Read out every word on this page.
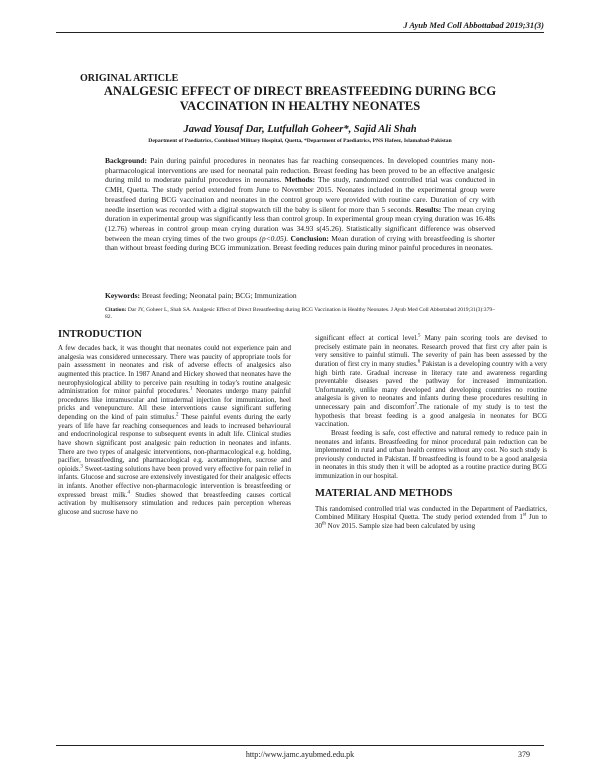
J Ayub Med Coll Abbottabad 2019;31(3)
ORIGINAL ARTICLE
ANALGESIC EFFECT OF DIRECT BREASTFEEDING DURING BCG VACCINATION IN HEALTHY NEONATES
Jawad Yousaf Dar, Lutfullah Goheer*, Sajid Ali Shah
Department of Paediatrics, Combined Military Hospital, Quetta, *Department of Paediatrics, PNS Hafeez, Islamabad-Pakistan

Background: Pain during painful procedures in neonates has far reaching consequences. In developed countries many non-pharmacological interventions are used for neonatal pain reduction. Breast feeding has been proved to be an effective analgesic during mild to moderate painful procedures in neonates. Methods: The study, randomized controlled trial was conducted in CMH, Quetta. The study period extended from June to November 2015. Neonates included in the experimental group were breastfeed during BCG vaccination and neonates in the control group were provided with routine care. Duration of cry with needle insertion was recorded with a digital stopwatch till the baby is silent for more than 5 seconds. Results: The mean crying duration in experimental group was significantly less than control group. In experimental group mean crying duration was 16.48s (12.76) whereas in control group mean crying duration was 34.93 s(45.26). Statistically significant difference was observed between the mean crying times of the two groups (p<0.05). Conclusion: Mean duration of crying with breastfeeding is shorter than without breast feeding during BCG immunization. Breast feeding reduces pain during minor painful procedures in neonates.

Keywords: Breast feeding; Neonatal pain; BCG; Immunization
Citation: Dar JY, Goheer L, Shah SA. Analgesic Effect of Direct Breastfeeding during BCG Vaccination in Healthy Neonates. J Ayub Med Coll Abbottabad 2019;31(3):379–82.
INTRODUCTION

A few decades back, it was thought that neonates could not experience pain and analgesia was considered unnecessary. There was paucity of appropriate tools for pain assessment in neonates and risk of adverse effects of analgesics also augmented this practice. In 1987 Anand and Hickey showed that neonates have the neurophysiological ability to perceive pain resulting in today's routine analgesic administration for minor painful procedures.$^1$ Neonates undergo many painful procedures like intramuscular and intradermal injection for immunization, heel pricks and venepuncture. All these interventions cause significant suffering depending on the kind of pain stimulus.$^2$ These painful events during the early years of life have far reaching consequences and leads to increased behavioural and endocrinological response to subsequent events in adult life. Clinical studies have shown significant post analgesic pain reduction in neonates and infants. There are two types of analgesic interventions, non-pharmacological e.g. holding, pacifier, breastfeeding, and pharmacological e.g. acetaminophen, sucrose and opioids.$^3$ Sweet-tasting solutions have been proved very effective for pain relief in infants. Glucose and sucrose are extensively investigated for their analgesic effects in infants. Another effective non-pharmacologic intervention is breastfeeding or expressed breast milk.$^4$ Studies showed that breastfeeding causes cortical activation by multisensory stimulation and reduces pain perception whereas glucose and sucrose have no

significant effect at cortical level.$^5$ Many pain scoring tools are devised to precisely estimate pain in neonates. Research proved that first cry after pain is very sensitive to painful stimuli. The severity of pain has been assessed by the duration of first cry in many studies.$^6$ Pakistan is a developing country with a very high birth rate. Gradual increase in literacy rate and awareness regarding preventable diseases paved the pathway for increased immunization. Unfortunately, unlike many developed and developing countries no routine analgesia is given to neonates and infants during these procedures resulting in unnecessary pain and discomfort$^7$.The rationale of my study is to test the hypothesis that breast feeding is a good analgesia in neonates for BCG vaccination.

Breast feeding is safe, cost effective and natural remedy to reduce pain in neonates and infants. Breastfeeding for minor procedural pain reduction can be implemented in rural and urban health centres without any cost. No such study is previously conducted in Pakistan. If breastfeeding is found to be a good analgesia in neonates in this study then it will be adopted as a routine practice during BCG immunization in our hospital.

MATERIAL AND METHODS

This randomised controlled trial was conducted in the Department of Paediatrics, Combined Military Hospital Quetta. The study period extended from 1st Jun to 30th Nov 2015. Sample size had been calculated by using

http://www.jamc.ayubmed.edu.pk	379
